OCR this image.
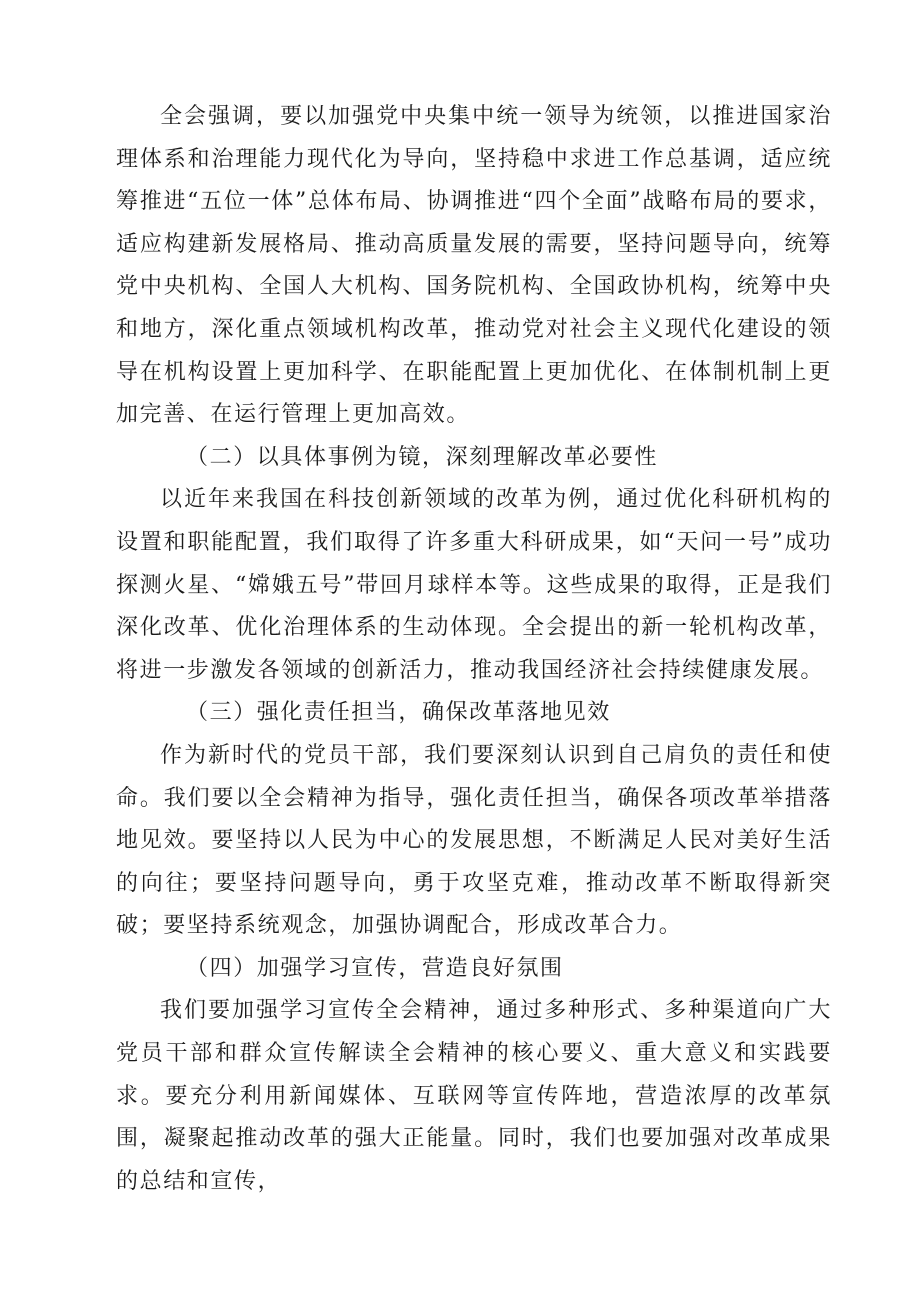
全会强调，要以加强党中央集中统一领导为统领，以推进国家治理体系和治理能力现代化为导向，坚持稳中求进工作总基调，适应统筹推进“五位一体”总体布局、协调推进“四个全面”战略布局的要求，适应构建新发展格局、推动高质量发展的需要，坚持问题导向，统筹党中央机构、全国人大机构、国务院机构、全国政协机构，统筹中央和地方，深化重点领域机构改革，推动党对社会主义现代化建设的领导在机构设置上更加科学、在职能配置上更加优化、在体制机制上更加完善、在运行管理上更加高效。

（二）以具体事例为镜，深刻理解改革必要性

以近年来我国在科技创新领域的改革为例，通过优化科研机构的设置和职能配置，我们取得了许多重大科研成果，如“天问一号”成功探测火星、“嫦娥五号”带回月球样本等。这些成果的取得，正是我们深化改革、优化治理体系的生动体现。全会提出的新一轮机构改革，将进一步激发各领域的创新活力，推动我国经济社会持续健康发展。

（三）强化责任担当，确保改革落地见效

作为新时代的党员干部，我们要深刻认识到自己肩负的责任和使命。我们要以全会精神为指导，强化责任担当，确保各项改革举措落地见效。要坚持以人民为中心的发展思想，不断满足人民对美好生活的向往；要坚持问题导向，勇于攻坚克难，推动改革不断取得新突破；要坚持系统观念，加强协调配合，形成改革合力。

（四）加强学习宣传，营造良好氛围

我们要加强学习宣传全会精神，通过多种形式、多种渠道向广大党员干部和群众宣传解读全会精神的核心要义、重大意义和实践要求。要充分利用新闻媒体、互联网等宣传阵地，营造浓厚的改革氛围，凝聚起推动改革的强大正能量。同时，我们也要加强对改革成果的总结和宣传，
